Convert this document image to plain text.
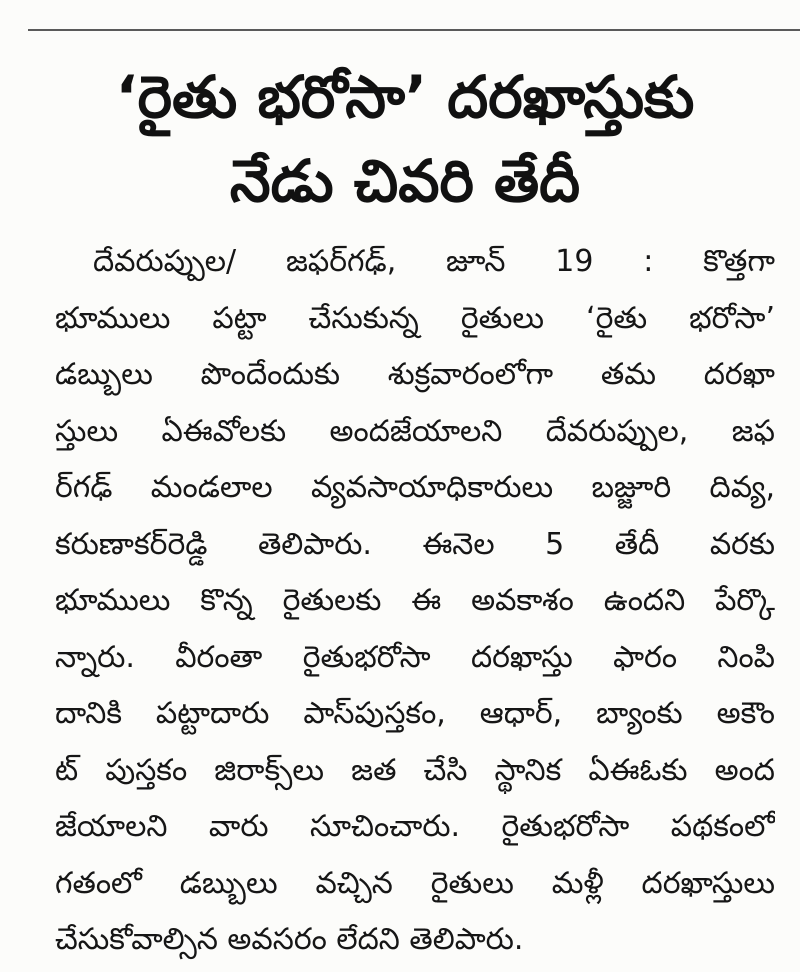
‘రైతు భరోసా’ దరఖాస్తుకు
నేడు చివరి తేదీ
దేవరుప్పుల/ జఫర్‌గఢ్, జూన్ 19 : కొత్తగా
భూములు పట్టా చేసుకున్న రైతులు ‘రైతు భరోసా’
డబ్బులు పొందేందుకు శుక్రవారంలోగా తమ దరఖా
స్తులు ఏఈవోలకు అందజేయాలని దేవరుప్పుల, జఫ
ర్‌గఢ్ మండలాల వ్యవసాయాధికారులు బజ్జూరి దివ్య,
కరుణాకర్‌రెడ్డి తెలిపారు. ఈనెల 5 తేదీ వరకు
భూములు కొన్న రైతులకు ఈ అవకాశం ఉందని పేర్కొ
న్నారు. వీరంతా రైతుభరోసా దరఖాస్తు ఫారం నింపి
దానికి పట్టాదారు పాస్‌పుస్తకం, ఆధార్, బ్యాంకు అకౌం
ట్ పుస్తకం జిరాక్స్‌లు జత చేసి స్థానిక ఏఈఓకు అంద
జేయాలని వారు సూచించారు. రైతుభరోసా పథకంలో
గతంలో డబ్బులు వచ్చిన రైతులు మళ్లీ దరఖాస్తులు
చేసుకోవాల్సిన అవసరం లేదని తెలిపారు.
